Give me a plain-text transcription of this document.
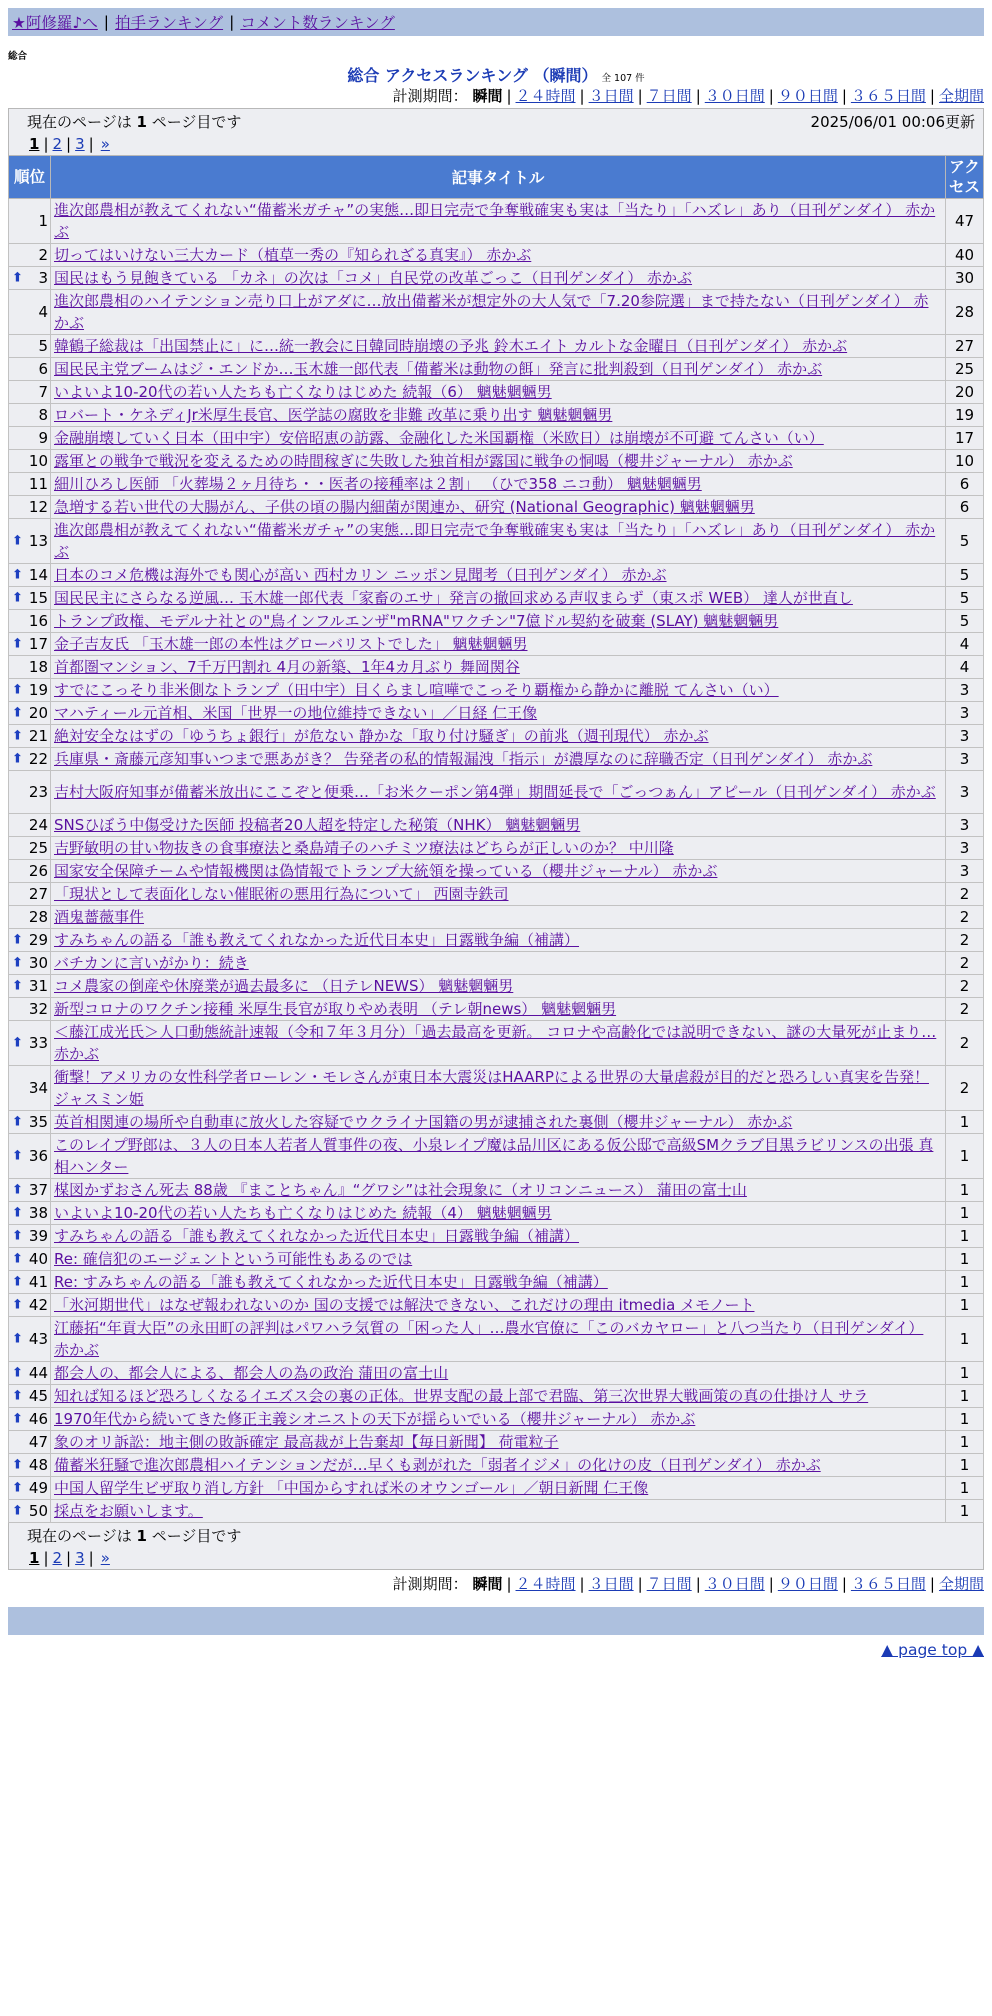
★阿修羅♪へ | 拍手ランキング | コメント数ランキング
総合
総合 アクセスランキング （瞬間） 全 107 件
計測期間： 瞬間 | ２４時間 | ３日間 | ７日間 | ３０日間 | ９０日間 | ３６５日間 | 全期間
現在のページは 1 ページ目です 2025/06/01 00:06更新
1 | 2 | 3 | »		

順位	記事タイトル	アクセス
1	進次郎農相が教えてくれない“備蓄米ガチャ”の実態…即日完売で争奪戦確実も実は「当たり」「ハズレ」あり（日刊ゲンダイ） 赤かぶ	47
2	切ってはいけない三大カード（植草一秀の『知られざる真実』） 赤かぶ	40

⬆ 3	国民はもう見飽きている 「カネ」の次は「コメ」自民党の改革ごっこ（日刊ゲンダイ） 赤かぶ	30
4	進次郎農相のハイテンション売り口上がアダに…放出備蓄米が想定外の大人気で「7.20参院選」まで持たない（日刊ゲンダイ） 赤かぶ	28
5	韓鶴子総裁は「出国禁止に」に…統一教会に日韓同時崩壊の予兆 鈴木エイト カルトな金曜日（日刊ゲンダイ） 赤かぶ	27
6	国民民主党ブームはジ・エンドか…玉木雄一郎代表「備蓄米は動物の餌」発言に批判殺到（日刊ゲンダイ） 赤かぶ	25
7	いよいよ10-20代の若い人たちも亡くなりはじめた 続報（6） 魑魅魍魎男	20
8	ロバート・ケネディJr米厚生長官、医学誌の腐敗を非難 改革に乗り出す 魑魅魍魎男	19
9	金融崩壊していく日本（田中宇）安倍昭恵の訪露、金融化した米国覇権（米欧日）は崩壊が不可避 てんさい（い）	17
10	露軍との戦争で戦況を変えるための時間稼ぎに失敗した独首相が露国に戦争の恫喝（櫻井ジャーナル） 赤かぶ	10
11	細川ひろし医師 「火葬場２ヶ月待ち・・医者の接種率は２割」 （ひで358 ニコ動） 魑魅魍魎男	6
12	急増する若い世代の大腸がん、子供の頃の腸内細菌が関連か、研究 (National Geographic) 魑魅魍魎男	6

⬆ 13	進次郎農相が教えてくれない“備蓄米ガチャ”の実態…即日完売で争奪戦確実も実は「当たり」「ハズレ」あり（日刊ゲンダイ） 赤かぶ	5

⬆ 14	日本のコメ危機は海外でも関心が高い 西村カリン ニッポン見聞考（日刊ゲンダイ） 赤かぶ	5

⬆ 15	国民民主にさらなる逆風… 玉木雄一郎代表「家畜のエサ」発言の撤回求める声収まらず（東スポ WEB） 達人が世直し	5
16	トランプ政権、モデルナ社との"鳥インフルエンザ"mRNA"ワクチン"7億ドル契約を破棄 (SLAY) 魑魅魍魎男	5

⬆ 17	金子吉友氏 「玉木雄一郎の本性はグローバリストでした」 魑魅魍魎男	4
18	首都圏マンション、7千万円割れ 4月の新築、1年4カ月ぶり 舞岡関谷	4

⬆ 19	すでにこっそり非米側なトランプ（田中宇）目くらまし喧嘩でこっそり覇権から静かに離脱 てんさい（い）	3

⬆ 20	マハティール元首相、米国「世界一の地位維持できない」／日経 仁王像	3

⬆ 21	絶対安全なはずの「ゆうちょ銀行」が危ない 静かな「取り付け騒ぎ」の前兆（週刊現代） 赤かぶ	3

⬆ 22	兵庫県・斎藤元彦知事いつまで悪あがき？ 告発者の私的情報漏洩「指示」が濃厚なのに辞職否定（日刊ゲンダイ） 赤かぶ	3
23	吉村大阪府知事が備蓄米放出にここぞと便乗…「お米クーポン第4弾」期間延長で「ごっつぁん」アピール（日刊ゲンダイ） 赤かぶ	3
24	SNSひぼう中傷受けた医師 投稿者20人超を特定した秘策（NHK） 魑魅魍魎男	3
25	吉野敏明の甘い物抜きの食事療法と桑島靖子のハチミツ療法はどちらが正しいのか？ 中川隆	3
26	国家安全保障チームや情報機関は偽情報でトランプ大統領を操っている（櫻井ジャーナル） 赤かぶ	3
27	「現状として表面化しない催眠術の悪用行為について」 西園寺鉄司	2
28	酒鬼薔薇事件	2

⬆ 29	すみちゃんの語る「誰も教えてくれなかった近代日本史」日露戦争編（補講）	2

⬆ 30	バチカンに言いがかり：続き	2

⬆ 31	コメ農家の倒産や休廃業が過去最多に （日テレNEWS） 魑魅魍魎男	2
32	新型コロナのワクチン接種 米厚生長官が取りやめ表明 （テレ朝news） 魑魅魍魎男	2

⬆ 33	＜藤江成光氏＞人口動態統計速報（令和７年３月分）「過去最高を更新。 コロナや高齢化では説明できない、謎の大量死が止まり… 赤かぶ	2
34	衝撃！アメリカの女性科学者ローレン・モレさんが東日本大震災はHAARPによる世界の大量虐殺が目的だと恐ろしい真実を告発！ ジャスミン姫	2

⬆ 35	英首相関連の場所や自動車に放火した容疑でウクライナ国籍の男が逮捕された裏側（櫻井ジャーナル） 赤かぶ	1

⬆ 36	このレイプ野郎は、３人の日本人若者人質事件の夜、小泉レイプ魔は品川区にある仮公邸で高級SMクラブ目黒ラビリンスの出張 真相ハンター	1

⬆ 37	楳図かずおさん死去 88歳 『まことちゃん』“グワシ”は社会現象に（オリコンニュース） 蒲田の富士山	1

⬆ 38	いよいよ10-20代の若い人たちも亡くなりはじめた 続報（4） 魑魅魍魎男	1

⬆ 39	すみちゃんの語る「誰も教えてくれなかった近代日本史」日露戦争編（補講）	1

⬆ 40	Re: 確信犯のエージェントという可能性もあるのでは	1

⬆ 41	Re: すみちゃんの語る「誰も教えてくれなかった近代日本史」日露戦争編（補講）	1

⬆ 42	「氷河期世代」はなぜ報われないのか 国の支援では解決できない、これだけの理由 itmedia メモノート	1

⬆ 43	江藤拓“年貢大臣”の永田町の評判はパワハラ気質の「困った人」…農水官僚に「このバカヤロー」と八つ当たり（日刊ゲンダイ） 赤かぶ	1

⬆ 44	都会人の、都会人による、都会人の為の政治 蒲田の富士山	1

⬆ 45	知れば知るほど恐ろしくなるイエズス会の裏の正体。世界支配の最上部で君臨、第三次世界大戦画策の真の仕掛け人 サラ	1

⬆ 46	1970年代から続いてきた修正主義シオニストの天下が揺らいでいる（櫻井ジャーナル） 赤かぶ	1
47	象のオリ訴訟：地主側の敗訴確定 最高裁が上告棄却【毎日新聞】 荷電粒子	1

⬆ 48	備蓄米狂騒で進次郎農相ハイテンションだが…早くも剥がれた「弱者イジメ」の化けの皮（日刊ゲンダイ） 赤かぶ	1

⬆ 49	中国人留学生ビザ取り消し方針 「中国からすれば米のオウンゴール」／朝日新聞 仁王像	1

⬆ 50	採点をお願いします。	1

現在のページは 1 ページ目です
1 | 2 | 3 | »		
計測期間： 瞬間 | ２４時間 | ３日間 | ７日間 | ３０日間 | ９０日間 | ３６５日間 | 全期間
▲ page top ▲
